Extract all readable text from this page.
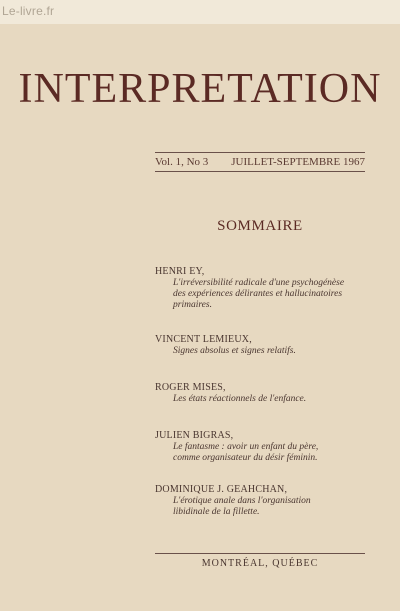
Le-livre.fr
INTERPRETATION
Vol. 1, No 3 JUILLET-SEPTEMBRE 1967
SOMMAIRE
HENRI EY,
L'irréversibilité radicale d'une psychogénèse
des expériences délirantes et hallucinatoires
primaires.
VINCENT LEMIEUX,
Signes absolus et signes relatifs.
ROGER MISES,
Les états réactionnels de l'enfance.
JULIEN BIGRAS,
Le fantasme : avoir un enfant du père,
comme organisateur du désir féminin.
DOMINIQUE J. GEAHCHAN,
L'érotique anale dans l'organisation
libidinale de la fillette.
MONTRÉAL, QUÉBEC
